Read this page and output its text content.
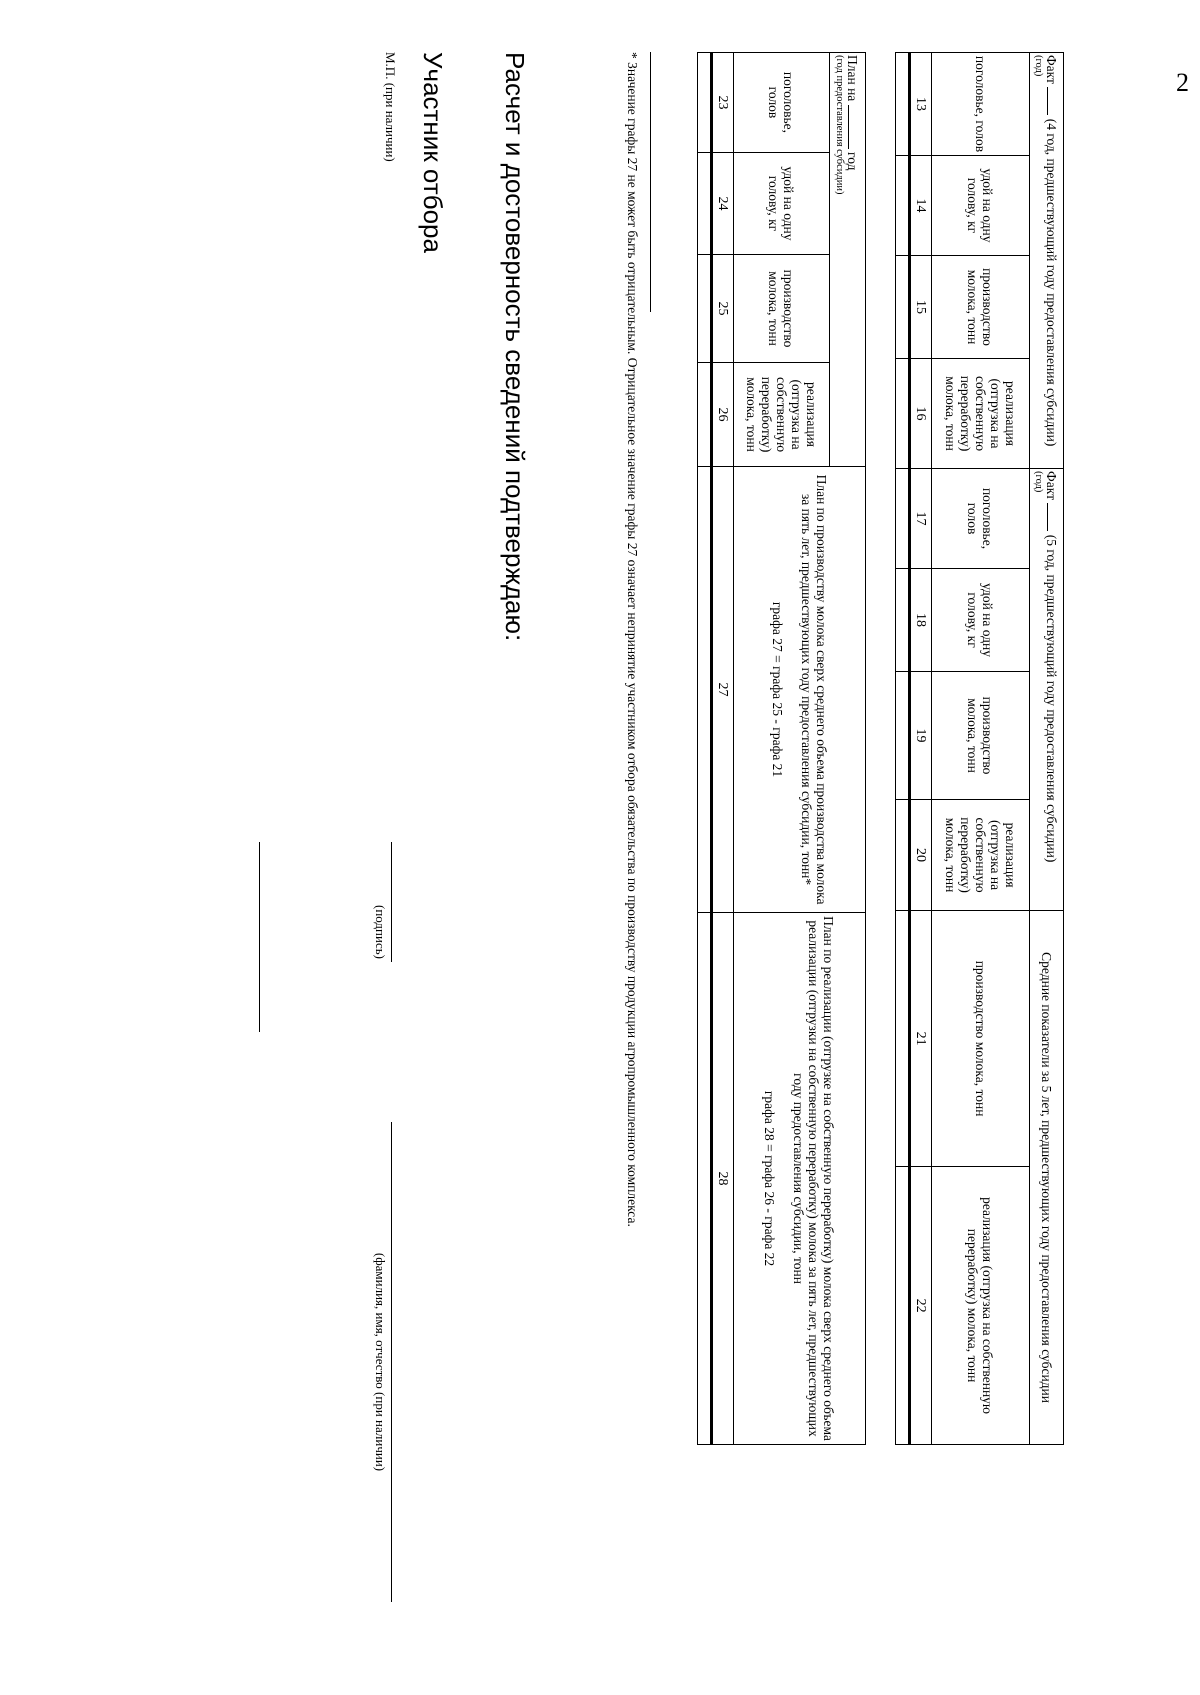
2
Факт  (4 год, предшествующий году предоставления субсидии)
(год)				Факт  (5 год, предшествующий году предоставления субсидии)
(год)				Средние показатели за 5 лет, предшествующих году предоставления субсидии	
поголовье, голов	удой на одну голову, кг	производство молока, тонн	реализация (отгрузка на собственную переработку) молока, тонн	поголовье, голов	удой на одну голову, кг	производство молока, тонн	реализация (отгрузка на собственную переработку) молока, тонн	производство молока, тонн	реализация (отгрузка на собственную переработку) молока, тонн
13	14	15	16	17	18	19	20	21	22

План на  год
(год предоставления субсидии)				План по производству молока сверх среднего объема производства молока за пять лет, предшествующих году предоставления субсидии, тонн*
графа 27 = графа 25 - графа 21	План по реализации (отгрузке на собственную переработку) молока сверх среднего объема реализации (отгрузки на собственную переработку) молока за пять лет, предшествующих году предоставления субсидии, тонн
графа 28 = графа 26 - графа 22

поголовье, голов	удой на одну голову, кг	производство молока, тонн	реализация (отгрузка на собственную переработку) молока, тонн		
23	24	25	26	27	28

* Значение графы 27 не может быть отрицательным. Отрицательное значение графы 27 означает непринятие участником отбора обязательства по производству продукции агропромышленного комплекса.
Расчет и достоверность сведений подтверждаю:
Участник отбора
М.П. (при наличии)
(подпись)
(фамилия, имя, отчество (при наличии)
